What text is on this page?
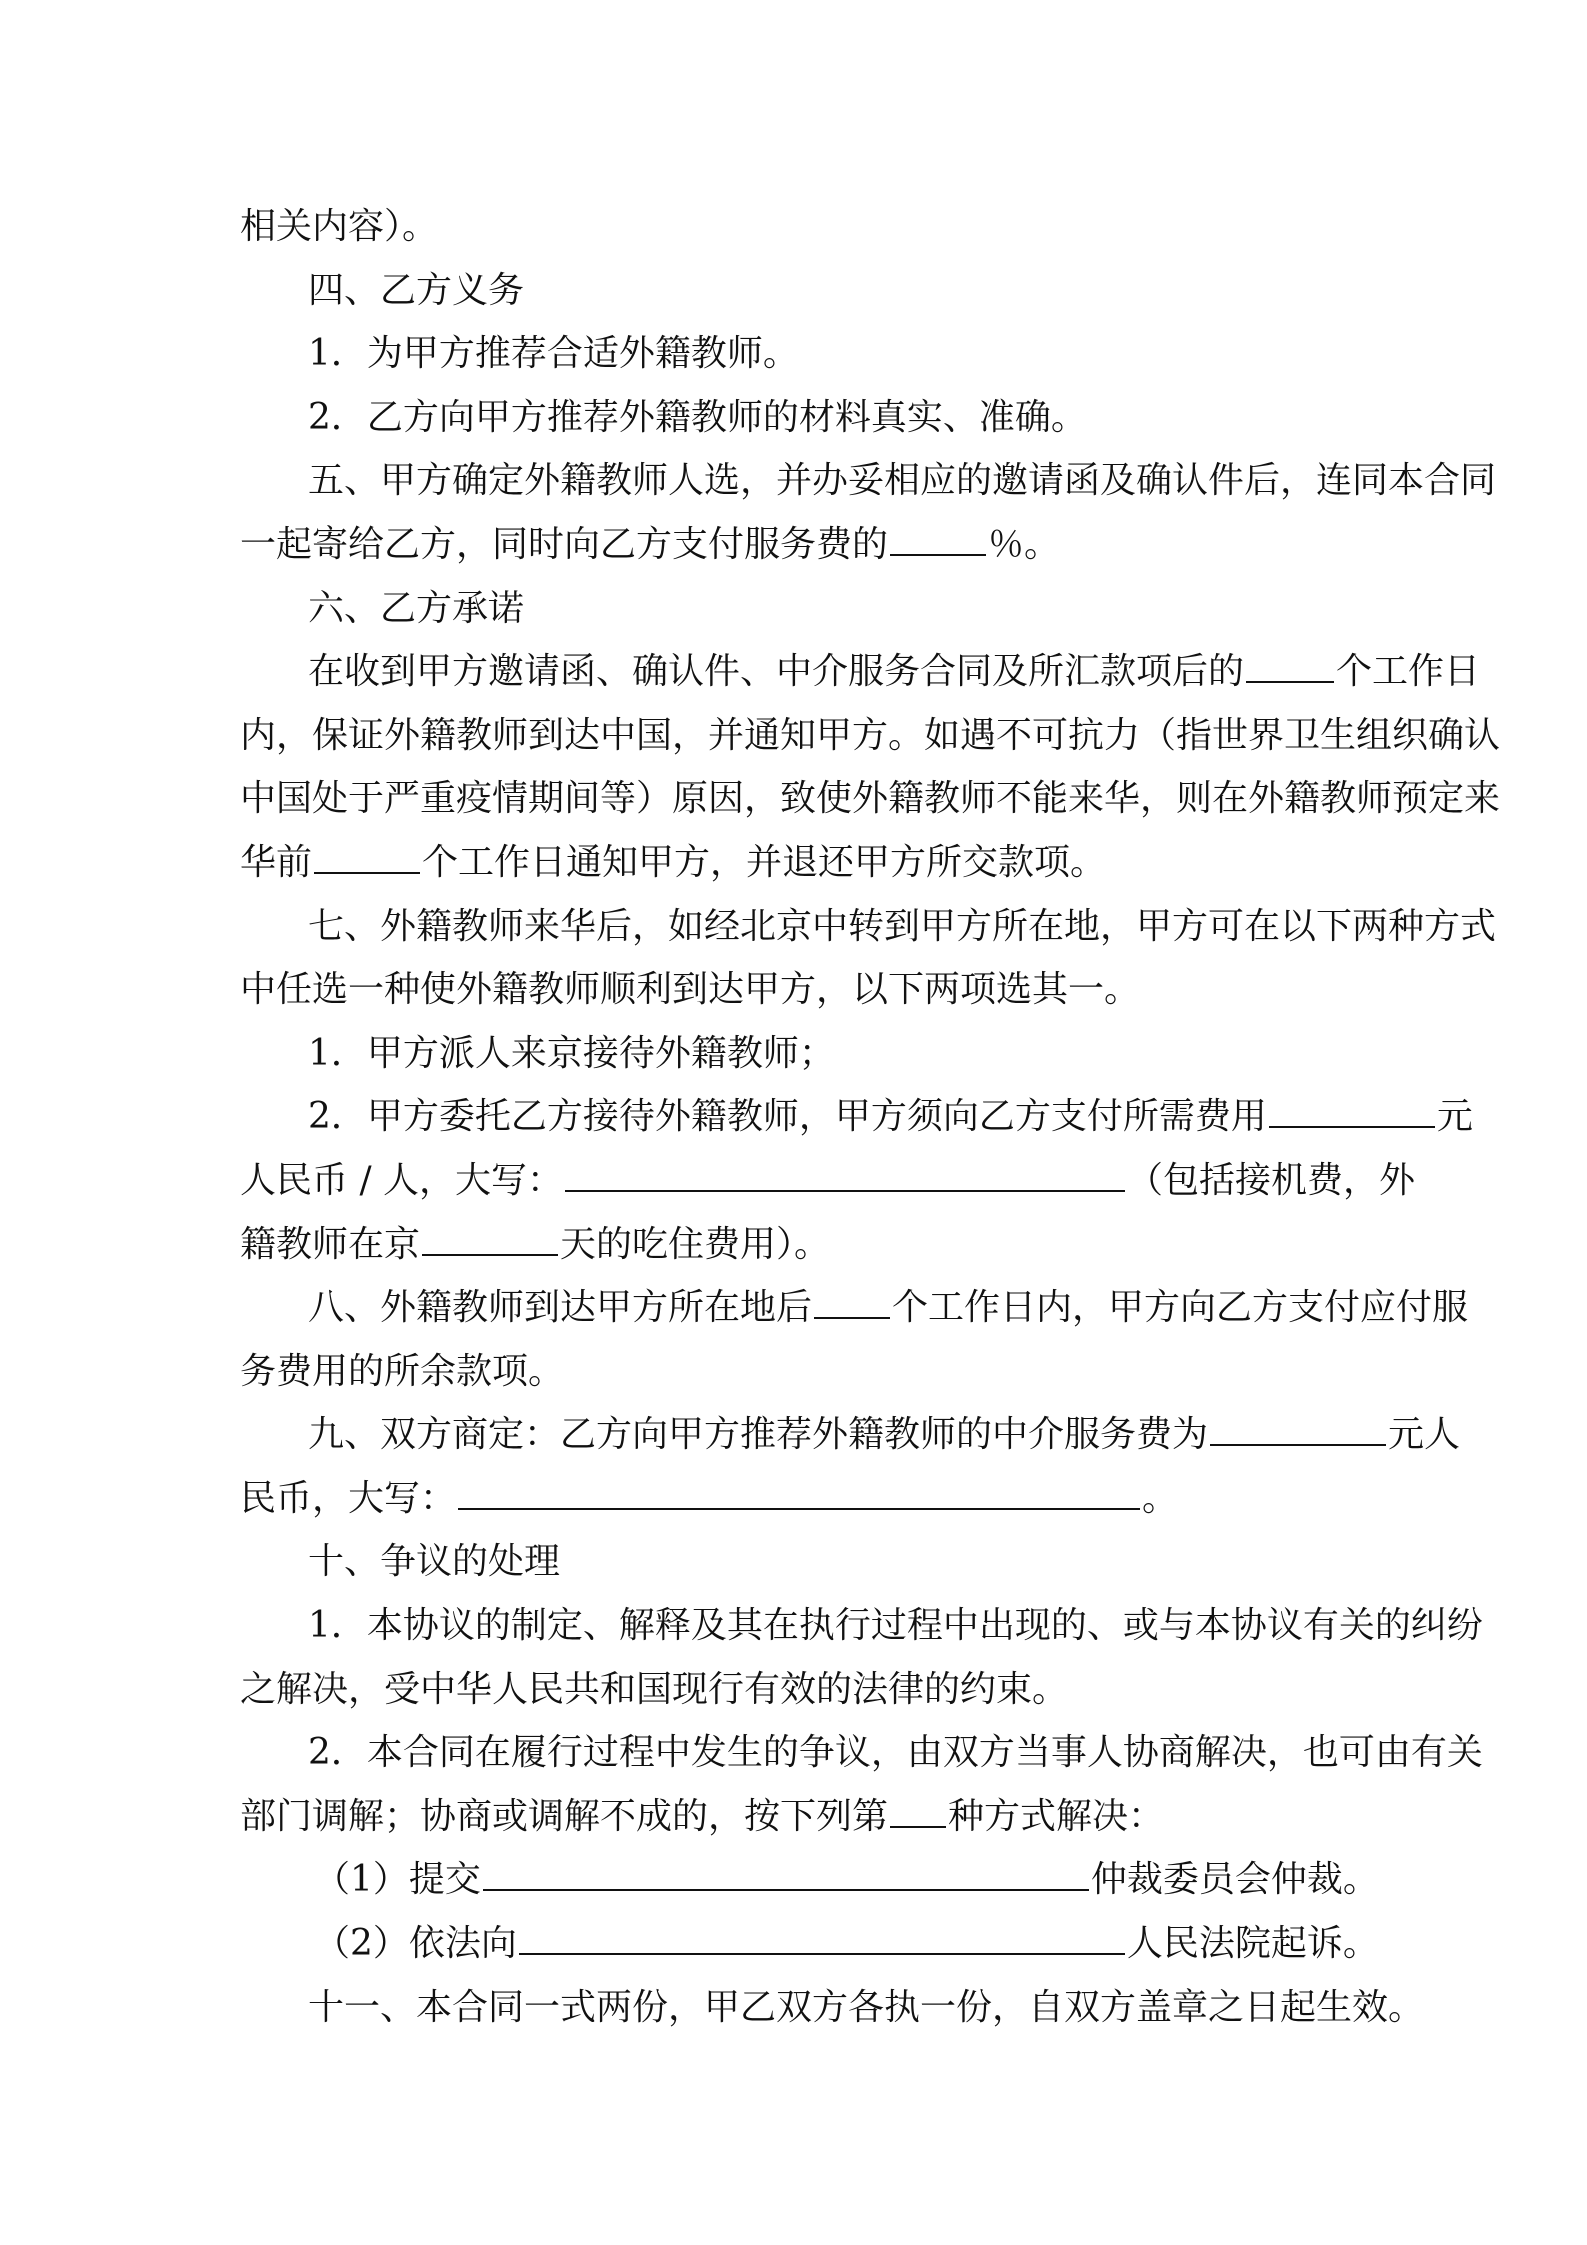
相关内容）。
四、乙方义务
1．为甲方推荐合适外籍教师。
2．乙方向甲方推荐外籍教师的材料真实、准确。
五、甲方确定外籍教师人选，并办妥相应的邀请函及确认件后，连同本合同
一起寄给乙方，同时向乙方支付服务费的	％。
六、乙方承诺
在收到甲方邀请函、确认件、中介服务合同及所汇款项后的	个工作日
内，保证外籍教师到达中国，并通知甲方。如遇不可抗力（指世界卫生组织确认
中国处于严重疫情期间等）原因，致使外籍教师不能来华，则在外籍教师预定来
华前	个工作日通知甲方，并退还甲方所交款项。
七、外籍教师来华后，如经北京中转到甲方所在地，甲方可在以下两种方式
中任选一种使外籍教师顺利到达甲方，以下两项选其一。
1．甲方派人来京接待外籍教师；
2．甲方委托乙方接待外籍教师，甲方须向乙方支付所需费用	元
人民币 / 人，大写：	（包括接机费，外
籍教师在京	天的吃住费用）。
八、外籍教师到达甲方所在地后 个工作日内，甲方向乙方支付应付服
务费用的所余款项。
九、双方商定：乙方向甲方推荐外籍教师的中介服务费为	元人
民币，大写：	。
十、争议的处理
1．本协议的制定、解释及其在执行过程中出现的、或与本协议有关的纠纷
之解决，受中华人民共和国现行有效的法律的约束。
2．本合同在履行过程中发生的争议，由双方当事人协商解决，也可由有关
部门调解；协商或调解不成的，按下列第 种方式解决：
（1）提交	仲裁委员会仲裁。
（2）依法向	人民法院起诉。
十一、本合同一式两份，甲乙双方各执一份，自双方盖章之日起生效。
